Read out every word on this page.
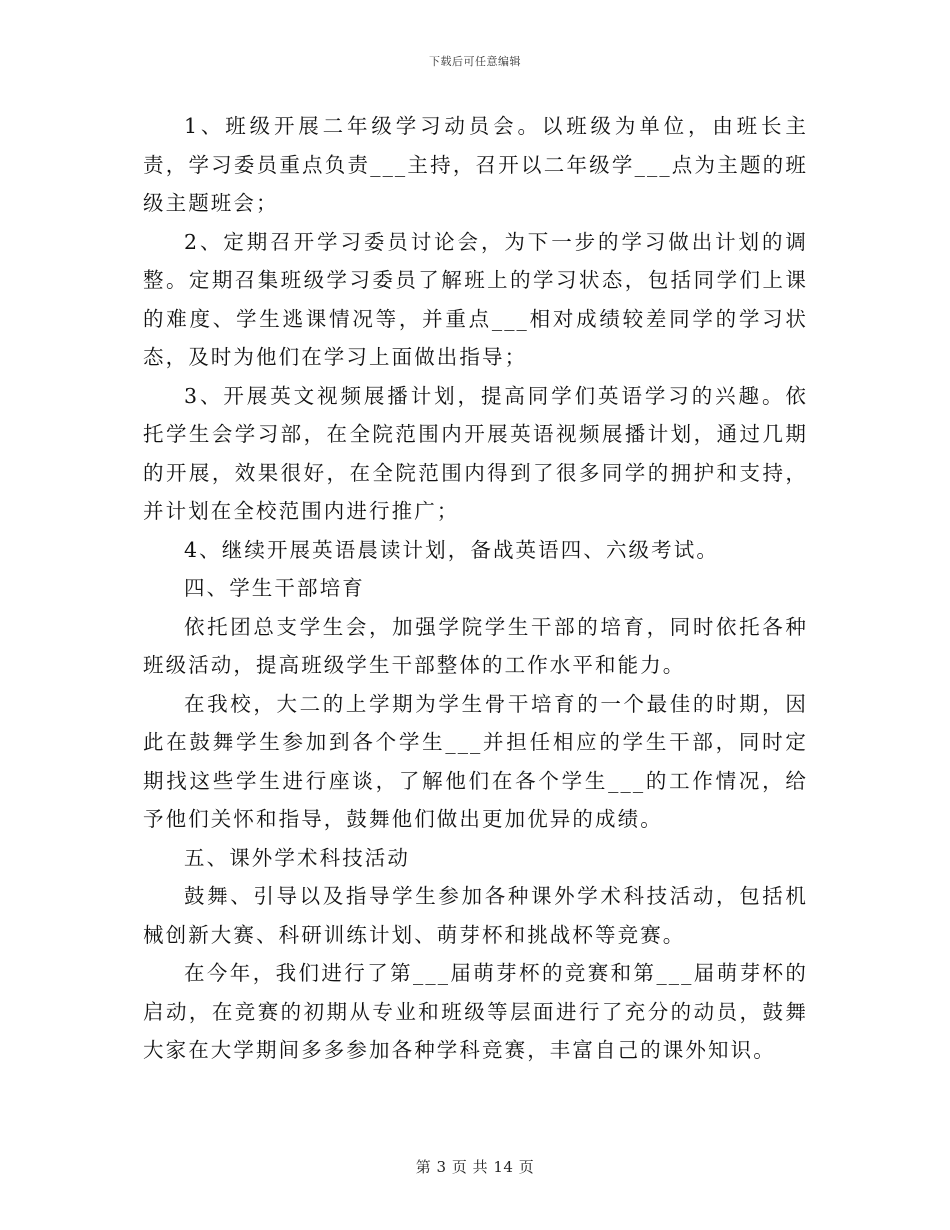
下载后可任意编辑

1、班级开展二年级学习动员会。以班级为单位，由班长主责，学习委员重点负责___主持，召开以二年级学___点为主题的班级主题班会；

2、定期召开学习委员讨论会，为下一步的学习做出计划的调整。定期召集班级学习委员了解班上的学习状态，包括同学们上课的难度、学生逃课情况等，并重点___相对成绩较差同学的学习状态，及时为他们在学习上面做出指导；

3、开展英文视频展播计划，提高同学们英语学习的兴趣。依托学生会学习部，在全院范围内开展英语视频展播计划，通过几期的开展，效果很好，在全院范围内得到了很多同学的拥护和支持，并计划在全校范围内进行推广；

4、继续开展英语晨读计划，备战英语四、六级考试。

四、学生干部培育

依托团总支学生会，加强学院学生干部的培育，同时依托各种班级活动，提高班级学生干部整体的工作水平和能力。

在我校，大二的上学期为学生骨干培育的一个最佳的时期，因此在鼓舞学生参加到各个学生___并担任相应的学生干部，同时定期找这些学生进行座谈，了解他们在各个学生___的工作情况，给予他们关怀和指导，鼓舞他们做出更加优异的成绩。

五、课外学术科技活动

鼓舞、引导以及指导学生参加各种课外学术科技活动，包括机械创新大赛、科研训练计划、萌芽杯和挑战杯等竞赛。

在今年，我们进行了第___届萌芽杯的竞赛和第___届萌芽杯的启动，在竞赛的初期从专业和班级等层面进行了充分的动员，鼓舞大家在大学期间多多参加各种学科竞赛，丰富自己的课外知识。

第 3 页 共 14 页
